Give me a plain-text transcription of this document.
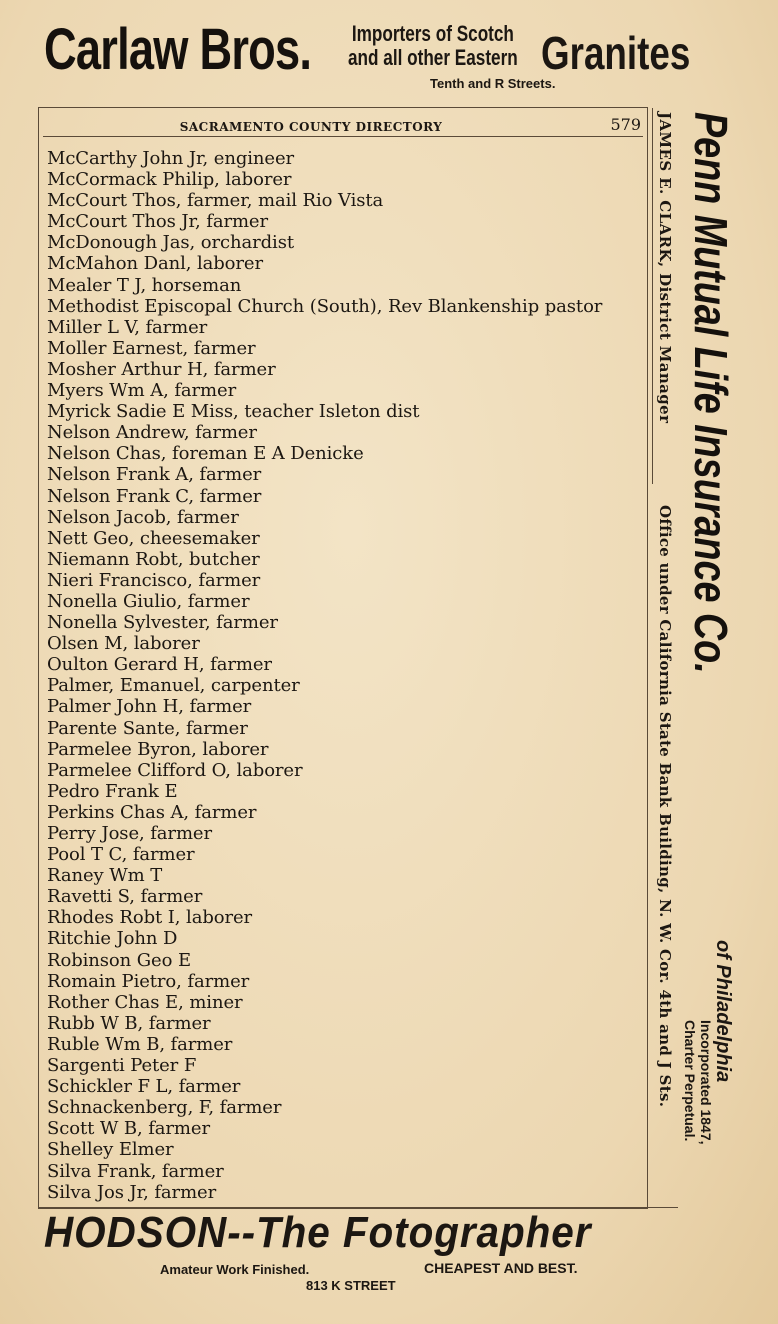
Carlaw Bros. Importers of Scotch
and all other Eastern Granites
Tenth and R Streets.
SACRAMENTO COUNTY DIRECTORY	579
McCarthy John Jr, engineer
McCormack Philip, laborer
McCourt Thos, farmer, mail Rio Vista
McCourt Thos Jr, farmer
McDonough Jas, orchardist
McMahon Danl, laborer
Mealer T J, horseman
Methodist Episcopal Church (South), Rev Blankenship pastor
Miller L V, farmer
Moller Earnest, farmer
Mosher Arthur H, farmer
Myers Wm A, farmer
Myrick Sadie E Miss, teacher Isleton dist
Nelson Andrew, farmer
Nelson Chas, foreman E A Denicke
Nelson Frank A, farmer
Nelson Frank C, farmer
Nelson Jacob, farmer
Nett Geo, cheesemaker
Niemann Robt, butcher
Nieri Francisco, farmer
Nonella Giulio, farmer
Nonella Sylvester, farmer
Olsen M, laborer
Oulton Gerard H, farmer
Palmer, Emanuel, carpenter
Palmer John H, farmer
Parente Sante, farmer
Parmelee Byron, laborer
Parmelee Clifford O, laborer
Pedro Frank E
Perkins Chas A, farmer
Perry Jose, farmer
Pool T C, farmer
Raney Wm T
Ravetti S, farmer
Rhodes Robt I, laborer
Ritchie John D
Robinson Geo E
Romain Pietro, farmer
Rother Chas E, miner
Rubb W B, farmer
Ruble Wm B, farmer
Sargenti Peter F
Schickler F L, farmer
Schnackenberg, F, farmer
Scott W B, farmer
Shelley Elmer
Silva Frank, farmer
Silva Jos Jr, farmer
Penn Mutual Life Insurance Co.
of Philadelphia
Incorporated 1847,
Charter Perpetual.
JAMES E. CLARK, District Manager
Office under California State Bank Building, N. W. Cor. 4th and J Sts.
HODSON--The Fotographer
Amateur Work Finished.	CHEAPEST AND BEST.
813 K STREET
